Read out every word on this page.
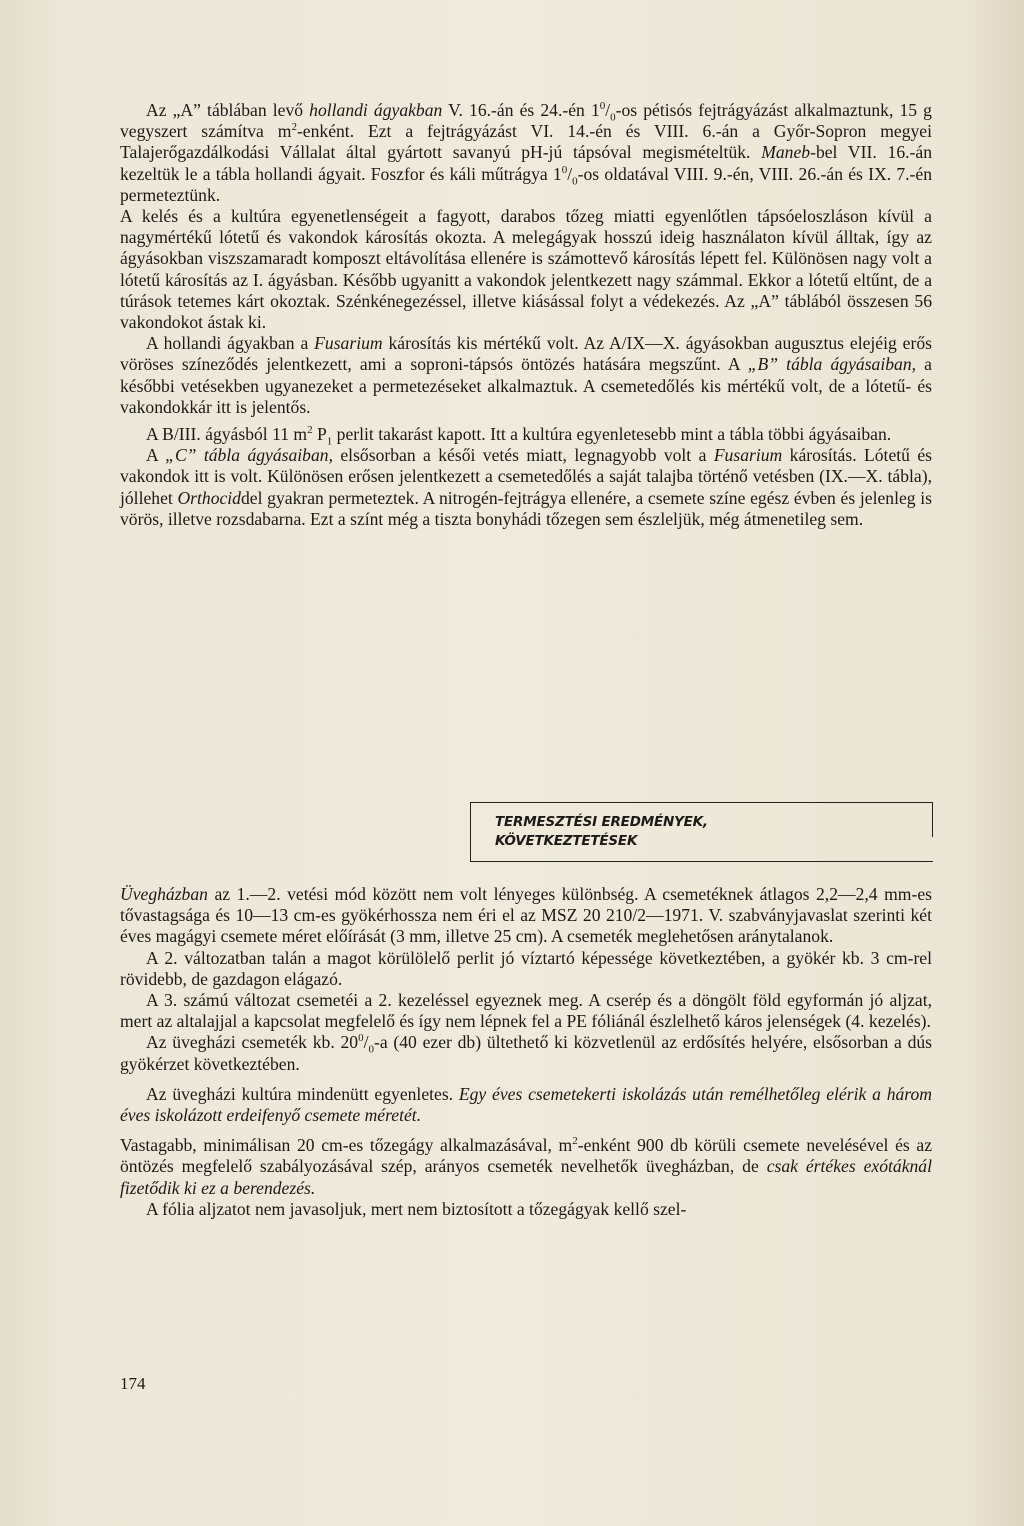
Az „A” táblában levő hollandi ágyakban V. 16.-án és 24.-én $1^0/_0-os$ pétisós fejtrágyázást alkalmaztunk, 15 g vegyszert számítva $m^2$-enként. Ezt a fejtrágyázást VI. 14.-én és VIII. 6.-án a Győr-Sopron megyei Talajerőgazdálkodási Vállalat által gyártott savanyú pH-jú tápsóval megismételtük. Maneb-bel VII. 16.-án kezeltük le a tábla hollandi ágyait. Foszfor és káli műtrágya $1^0/_0-os$ oldatával VIII. 9.-én, VIII. 26.-án és IX. 7.-én permeteztünk.

A kelés és a kultúra egyenetlenségeit a fagyott, darabos tőzeg miatti egyenlőtlen tápsóeloszláson kívül a nagymértékű lótetű és vakondok károsítás okozta. A melegágyak hosszú ideig használaton kívül álltak, így az ágyásokban viszszamaradt komposzt eltávolítása ellenére is számottevő károsítás lépett fel. Különösen nagy volt a lótetű károsítás az I. ágyásban. Később ugyanitt a vakondok jelentkezett nagy számmal. Ekkor a lótetű eltűnt, de a túrások tetemes kárt okoztak. Szénkénegezéssel, illetve kiásással folyt a védekezés. Az „A” táblából összesen 56 vakondokot ástak ki.

A hollandi ágyakban a Fusarium károsítás kis mértékű volt. Az A/IX—X. ágyásokban augusztus elejéig erős vöröses színeződés jelentkezett, ami a soproni-tápsós öntözés hatására megszűnt. A „B” tábla ágyásaiban, a későbbi vetésekben ugyanezeket a permetezéseket alkalmaztuk. A csemetedőlés kis mértékű volt, de a lótetű- és vakondokkár itt is jelentős.

A B/III. ágyásból 11 $m^2$ $P_1$ perlit takarást kapott. Itt a kultúra egyenletesebb mint a tábla többi ágyásaiban.

A „C” tábla ágyásaiban, elsősorban a késői vetés miatt, legnagyobb volt a Fusarium károsítás. Lótetű és vakondok itt is volt. Különösen erősen jelentkezett a csemetedőlés a saját talajba történő vetésben (IX.—X. tábla), jóllehet Orthociddel gyakran permeteztek. A nitrogén-fejtrágya ellenére, a csemete színe egész évben és jelenleg is vörös, illetve rozsdabarna. Ezt a színt még a tiszta bonyhádi tőzegen sem észleljük, még átmenetileg sem.

TERMESZTÉSI EREDMÉNYEK,
KÖVETKEZTETÉSEK

Üvegházban az 1.—2. vetési mód között nem volt lényeges különbség. A csemetéknek átlagos 2,2—2,4 mm-es tővastagsága és 10—13 cm-es gyökérhossza nem éri el az MSZ 20 210/2—1971. V. szabványjavaslat szerinti két éves magágyi csemete méret előírását (3 mm, illetve 25 cm). A csemeték meglehetősen aránytalanok.

A 2. változatban talán a magot körülölelő perlit jó víztartó képessége következtében, a gyökér kb. 3 cm-rel rövidebb, de gazdagon elágazó.

A 3. számú változat csemetéi a 2. kezeléssel egyeznek meg. A cserép és a döngölt föld egyformán jó aljzat, mert az altalajjal a kapcsolat megfelelő és így nem lépnek fel a PE fóliánál észlelhető káros jelenségek (4. kezelés).

Az üvegházi csemeték kb. $20^0/_0-a$ (40 ezer db) ültethető ki közvetlenül az erdősítés helyére, elsősorban a dús gyökérzet következtében.

Az üvegházi kultúra mindenütt egyenletes. Egy éves csemetekerti iskolázás után remélhetőleg elérik a három éves iskolázott erdeifenyő csemete méretét.

Vastagabb, minimálisan 20 cm-es tőzegágy alkalmazásával, $m^2$-enként 900 db körüli csemete nevelésével és az öntözés megfelelő szabályozásával szép, arányos csemeték nevelhetők üvegházban, de csak értékes exótáknál fizetődik ki ez a berendezés.

A fólia aljzatot nem javasoljuk, mert nem biztosított a tőzegágyak kellő szel-

174
